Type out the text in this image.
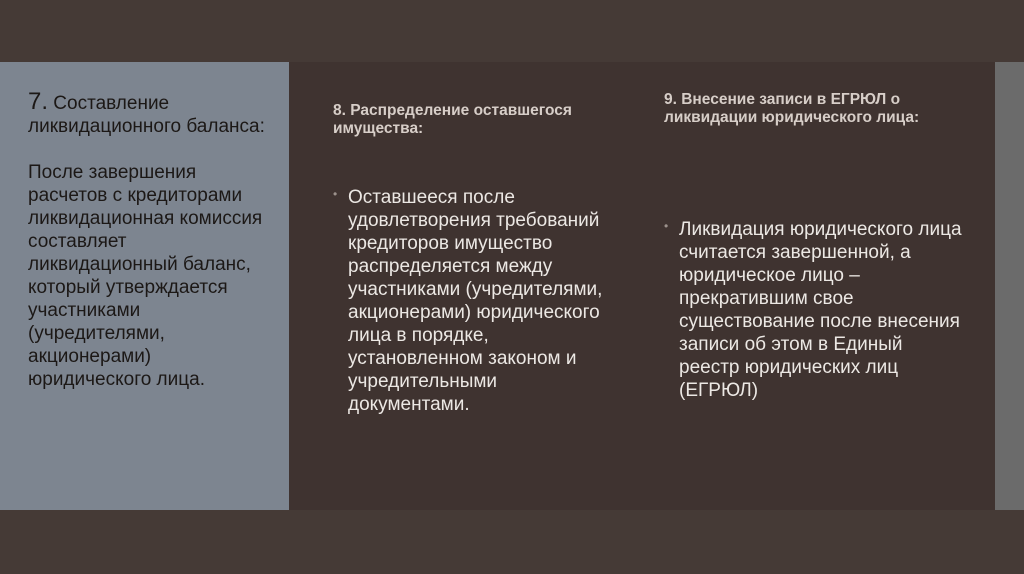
7. Составление ликвидационного баланса:

После завершения расчетов с кредиторами ликвидационная комиссия составляет ликвидационный баланс, который утверждается участниками (учредителями, акционерами) юридического лица.

8. Распределение оставшегося имущества:

• Оставшееся после удовлетворения требований кредиторов имущество распределяется между участниками (учредителями, акционерами) юридического лица в порядке, установленном законом и учредительными документами.

9. Внесение записи в ЕГРЮЛ о ликвидации юридического лица:

• Ликвидация юридического лица считается завершенной, а юридическое лицо – прекратившим свое существование после внесения записи об этом в Единый реестр юридических лиц (ЕГРЮЛ)
